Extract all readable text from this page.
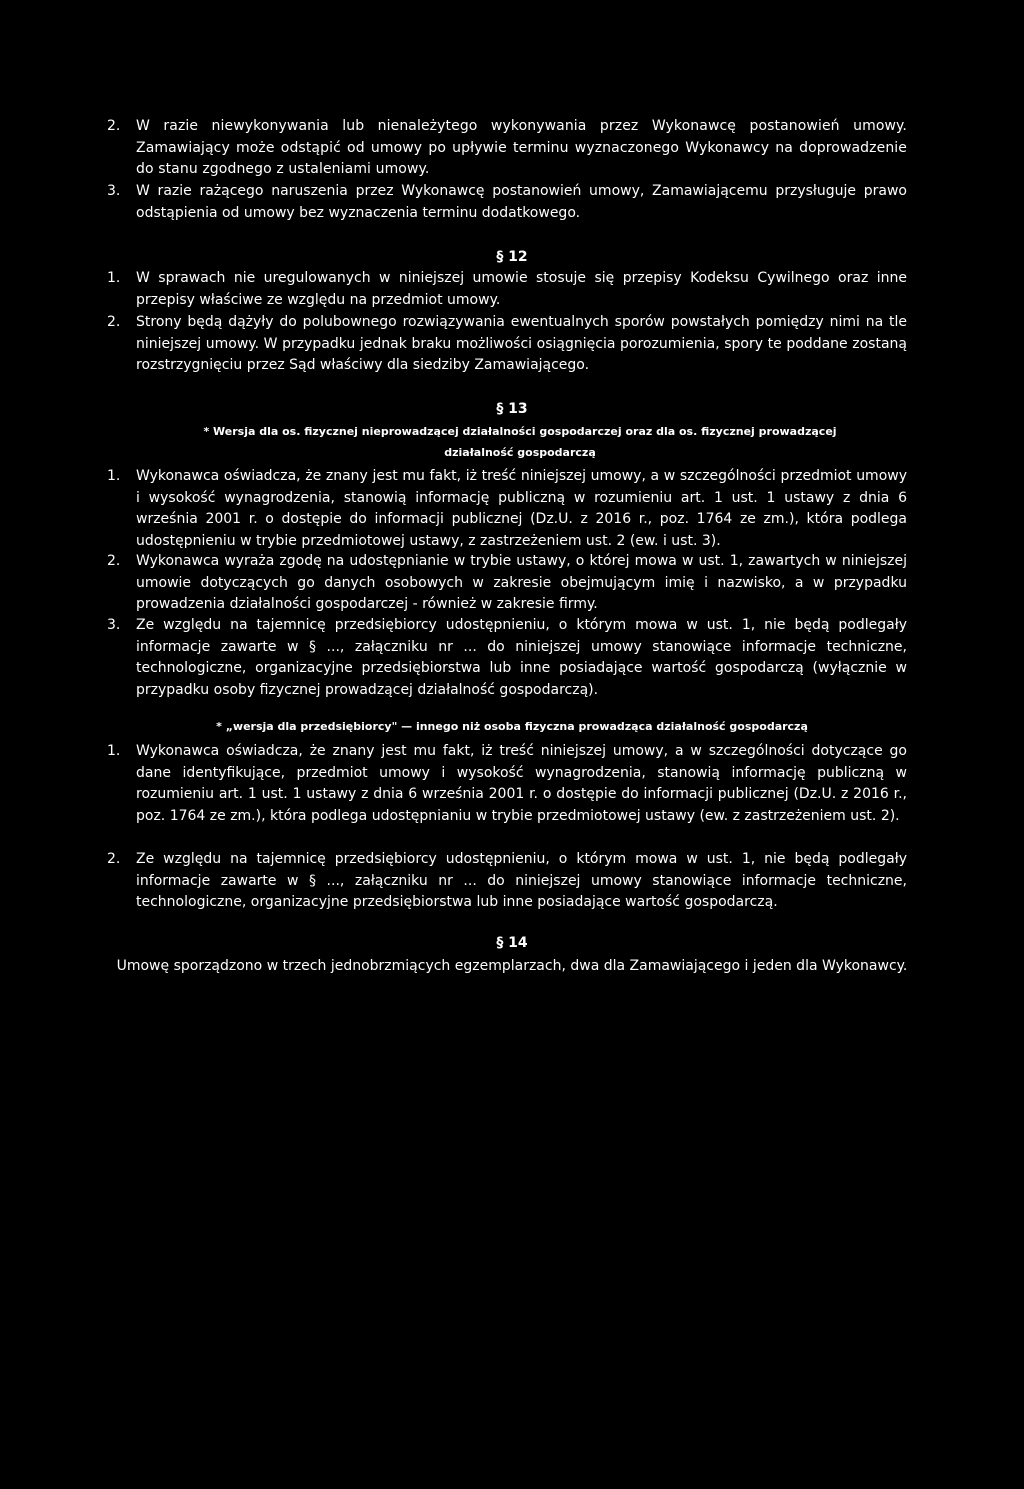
2. W razie niewykonywania lub nienależytego wykonywania przez Wykonawcę postanowień umowy. Zamawiający może odstąpić od umowy po upływie terminu wyznaczonego Wykonawcy na doprowadzenie do stanu zgodnego z ustaleniami umowy.
3. W razie rażącego naruszenia przez Wykonawcę postanowień umowy, Zamawiającemu przysługuje prawo odstąpienia od umowy bez wyznaczenia terminu dodatkowego.
§ 12
1. W sprawach nie uregulowanych w niniejszej umowie stosuje się przepisy Kodeksu Cywilnego oraz inne przepisy właściwe ze względu na przedmiot umowy.
2. Strony będą dążyły do polubownego rozwiązywania ewentualnych sporów powstałych pomiędzy nimi na tle niniejszej umowy. W przypadku jednak braku możliwości osiągnięcia porozumienia, spory te poddane zostaną rozstrzygnięciu przez Sąd właściwy dla siedziby Zamawiającego.
§ 13
* Wersja dla os. fizycznej nieprowadzącej działalności gospodarczej oraz dla os. fizycznej prowadzącej działalność gospodarczą
1. Wykonawca oświadcza, że znany jest mu fakt, iż treść niniejszej umowy, a w szczególności przedmiot umowy i wysokość wynagrodzenia, stanowią informację publiczną w rozumieniu art. 1 ust. 1 ustawy z dnia 6 września 2001 r. o dostępie do informacji publicznej (Dz.U. z 2016 r., poz. 1764 ze zm.), która podlega udostępnieniu w trybie przedmiotowej ustawy, z zastrzeżeniem ust. 2 (ew. i ust. 3).
2. Wykonawca wyraża zgodę na udostępnianie w trybie ustawy, o której mowa w ust. 1, zawartych w niniejszej umowie dotyczących go danych osobowych w zakresie obejmującym imię i nazwisko, a w przypadku prowadzenia działalności gospodarczej - również w zakresie firmy.
3. Ze względu na tajemnicę przedsiębiorcy udostępnieniu, o którym mowa w ust. 1, nie będą podlegały informacje zawarte w § ..., załączniku nr ... do niniejszej umowy stanowiące informacje techniczne, technologiczne, organizacyjne przedsiębiorstwa lub inne posiadające wartość gospodarczą (wyłącznie w przypadku osoby fizycznej prowadzącej działalność gospodarczą).
* „wersja dla przedsiębiorcy" — innego niż osoba fizyczna prowadząca działalność gospodarczą
1. Wykonawca oświadcza, że znany jest mu fakt, iż treść niniejszej umowy, a w szczególności dotyczące go dane identyfikujące, przedmiot umowy i wysokość wynagrodzenia, stanowią informację publiczną w rozumieniu art. 1 ust. 1 ustawy z dnia 6 września 2001 r. o dostępie do informacji publicznej (Dz.U. z 2016 r., poz. 1764 ze zm.), która podlega udostępnianiu w trybie przedmiotowej ustawy (ew. z zastrzeżeniem ust. 2).
2. Ze względu na tajemnicę przedsiębiorcy udostępnieniu, o którym mowa w ust. 1, nie będą podlegały informacje zawarte w § ..., załączniku nr ... do niniejszej umowy stanowiące informacje techniczne, technologiczne, organizacyjne przedsiębiorstwa lub inne posiadające wartość gospodarczą.
§ 14
Umowę sporządzono w trzech jednobrzmiących egzemplarzach, dwa dla Zamawiającego i jeden dla Wykonawcy.
